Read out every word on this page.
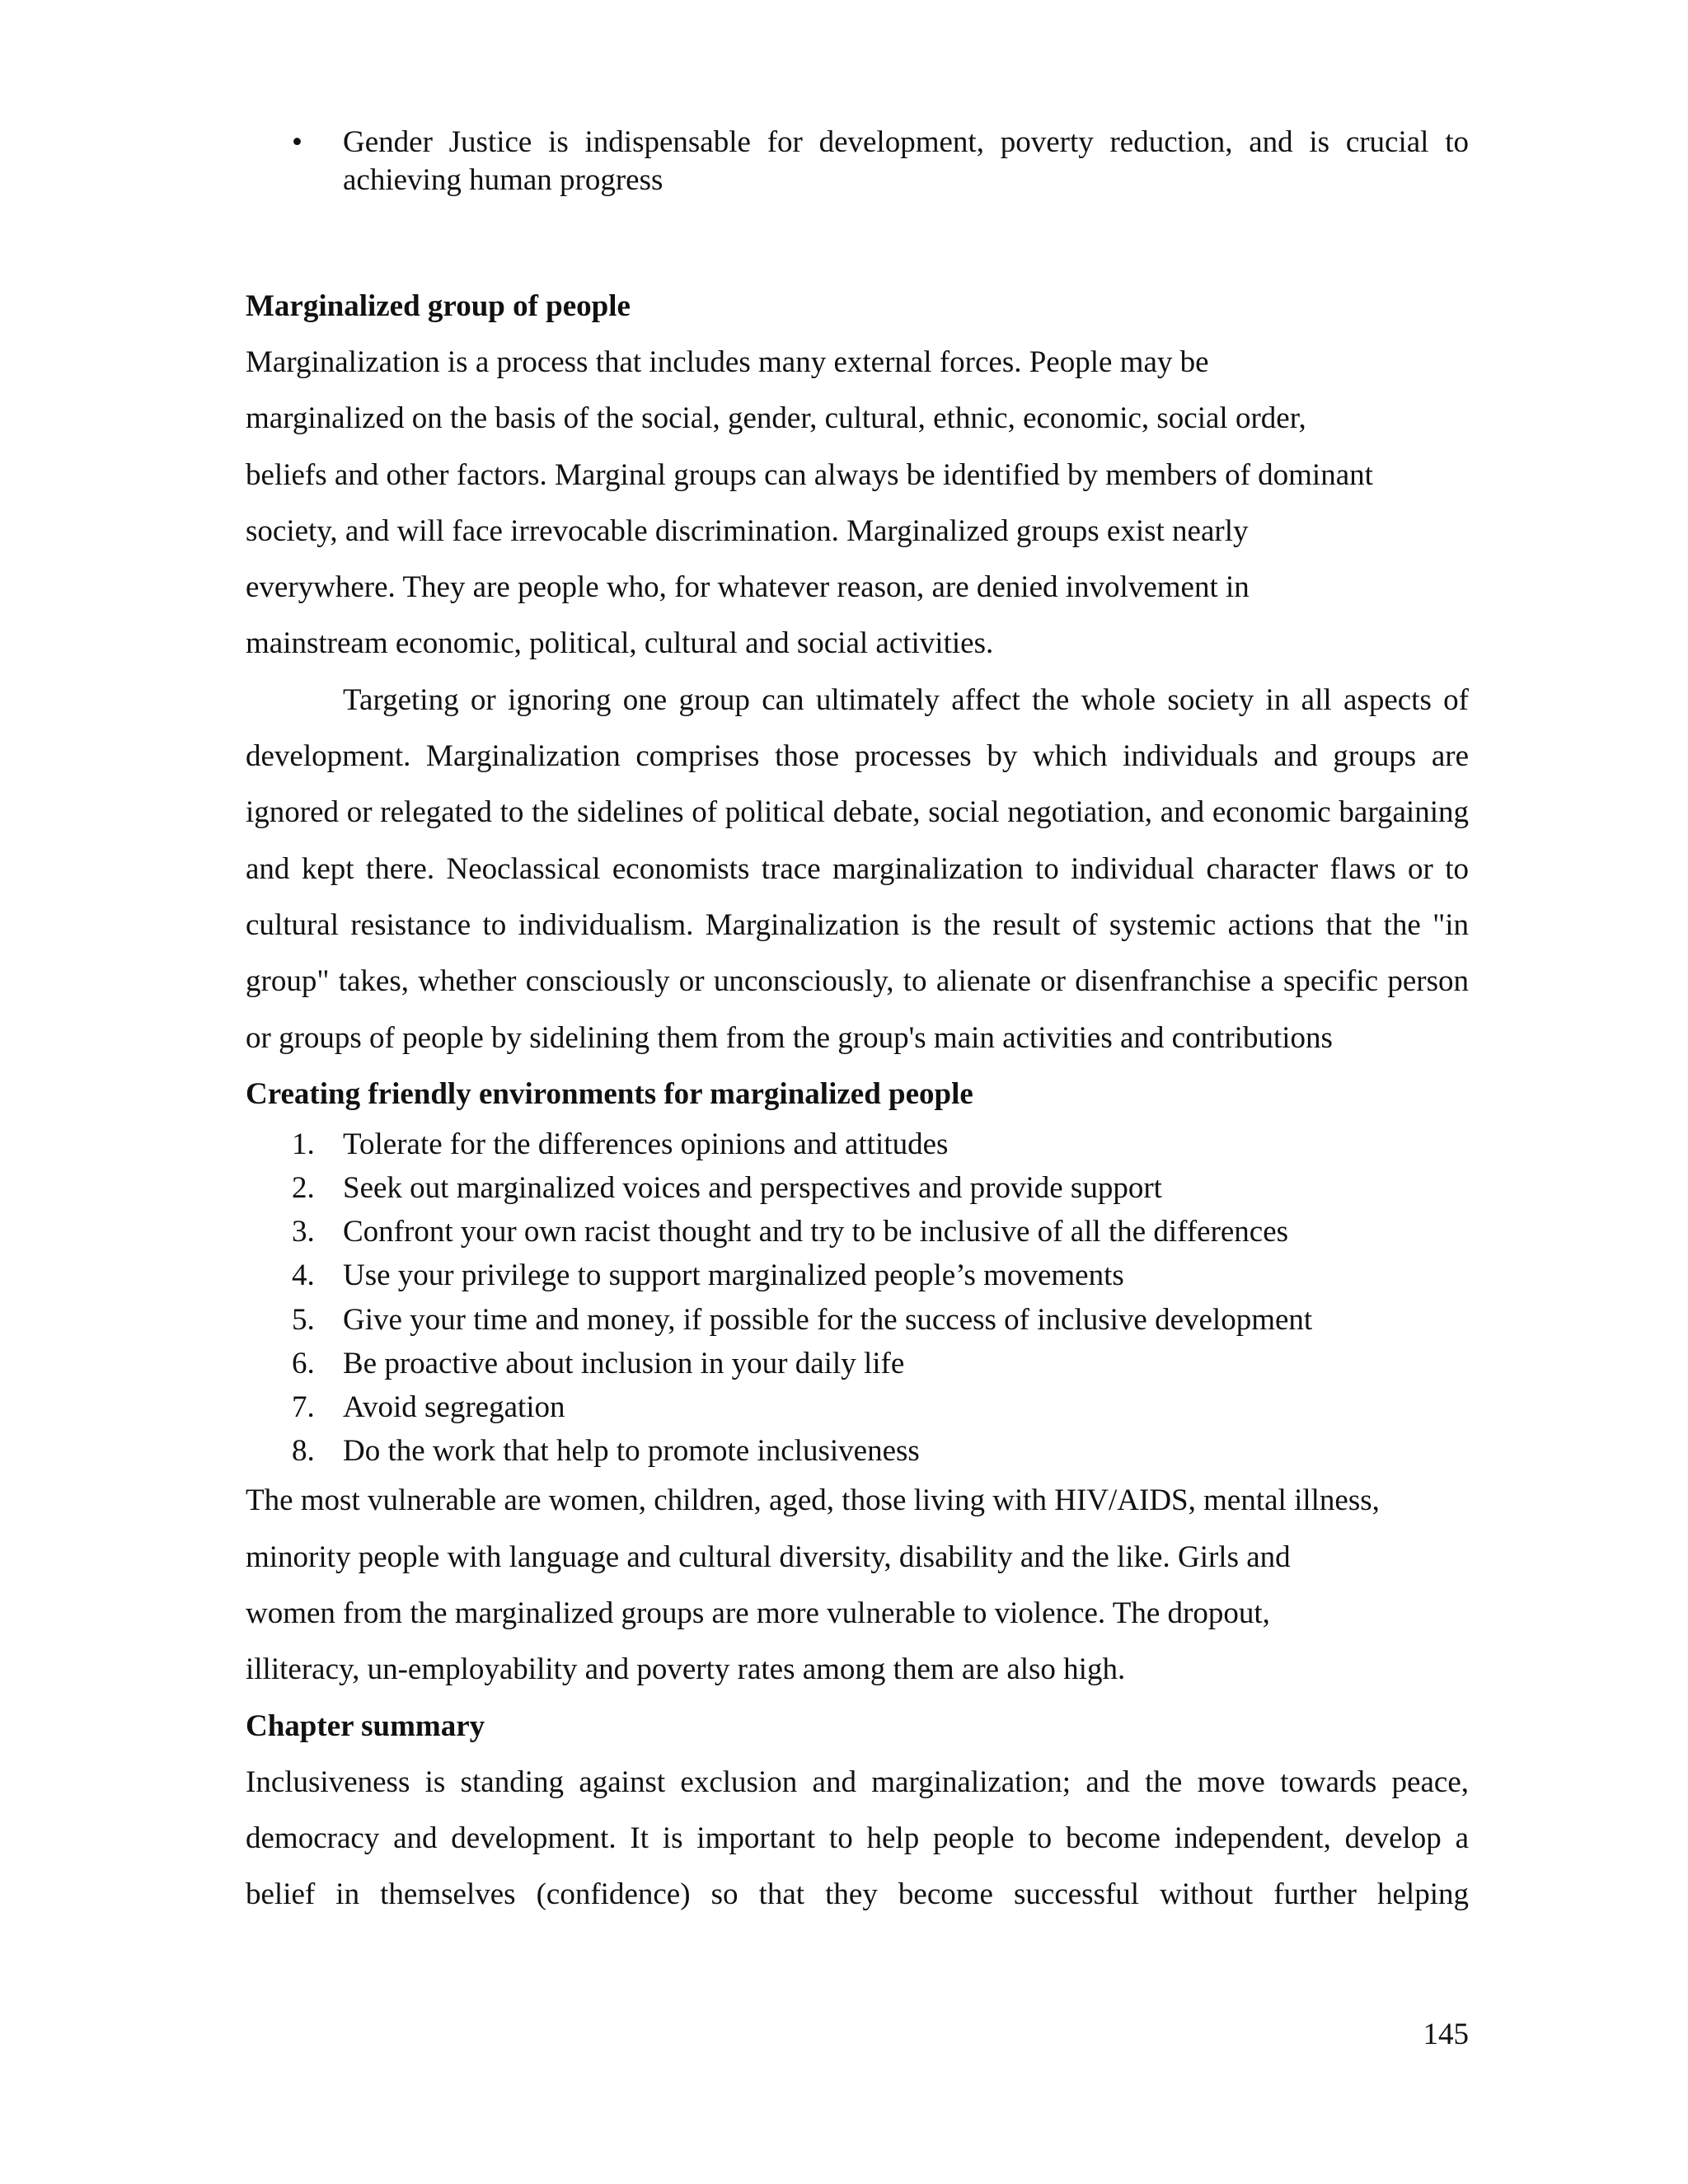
• Gender Justice is indispensable for development, poverty reduction, and is crucial to achieving human progress
Marginalized group of people
Marginalization is a process that includes many external forces. People may be
marginalized on the basis of the social, gender, cultural, ethnic, economic, social order,
beliefs and other factors. Marginal groups can always be identified by members of dominant
society, and will face irrevocable discrimination. Marginalized groups exist nearly
everywhere. They are people who, for whatever reason, are denied involvement in
mainstream economic, political, cultural and social activities.

Targeting or ignoring one group can ultimately affect the whole society in all aspects of development. Marginalization comprises those processes by which individuals and groups are ignored or relegated to the sidelines of political debate, social negotiation, and economic bargaining and kept there. Neoclassical economists trace marginalization to individual character flaws or to cultural resistance to individualism. Marginalization is the result of systemic actions that the "in group" takes, whether consciously or unconsciously, to alienate or disenfranchise a specific person or groups of people by sidelining them from the group's main activities and contributions

Creating friendly environments for marginalized people
1. Tolerate for the differences opinions and attitudes
2. Seek out marginalized voices and perspectives and provide support
3. Confront your own racist thought and try to be inclusive of all the differences
4. Use your privilege to support marginalized people’s movements
5. Give your time and money, if possible for the success of inclusive development
6. Be proactive about inclusion in your daily life
7. Avoid segregation
8. Do the work that help to promote inclusiveness
The most vulnerable are women, children, aged, those living with HIV/AIDS, mental illness,
minority people with language and cultural diversity, disability and the like. Girls and
women from the marginalized groups are more vulnerable to violence. The dropout,
illiteracy, un-employability and poverty rates among them are also high.
Chapter summary
Inclusiveness is standing against exclusion and marginalization; and the move towards peace,
democracy and development. It is important to help people to become independent, develop a
belief in themselves (confidence) so that they become successful without further helping
145
